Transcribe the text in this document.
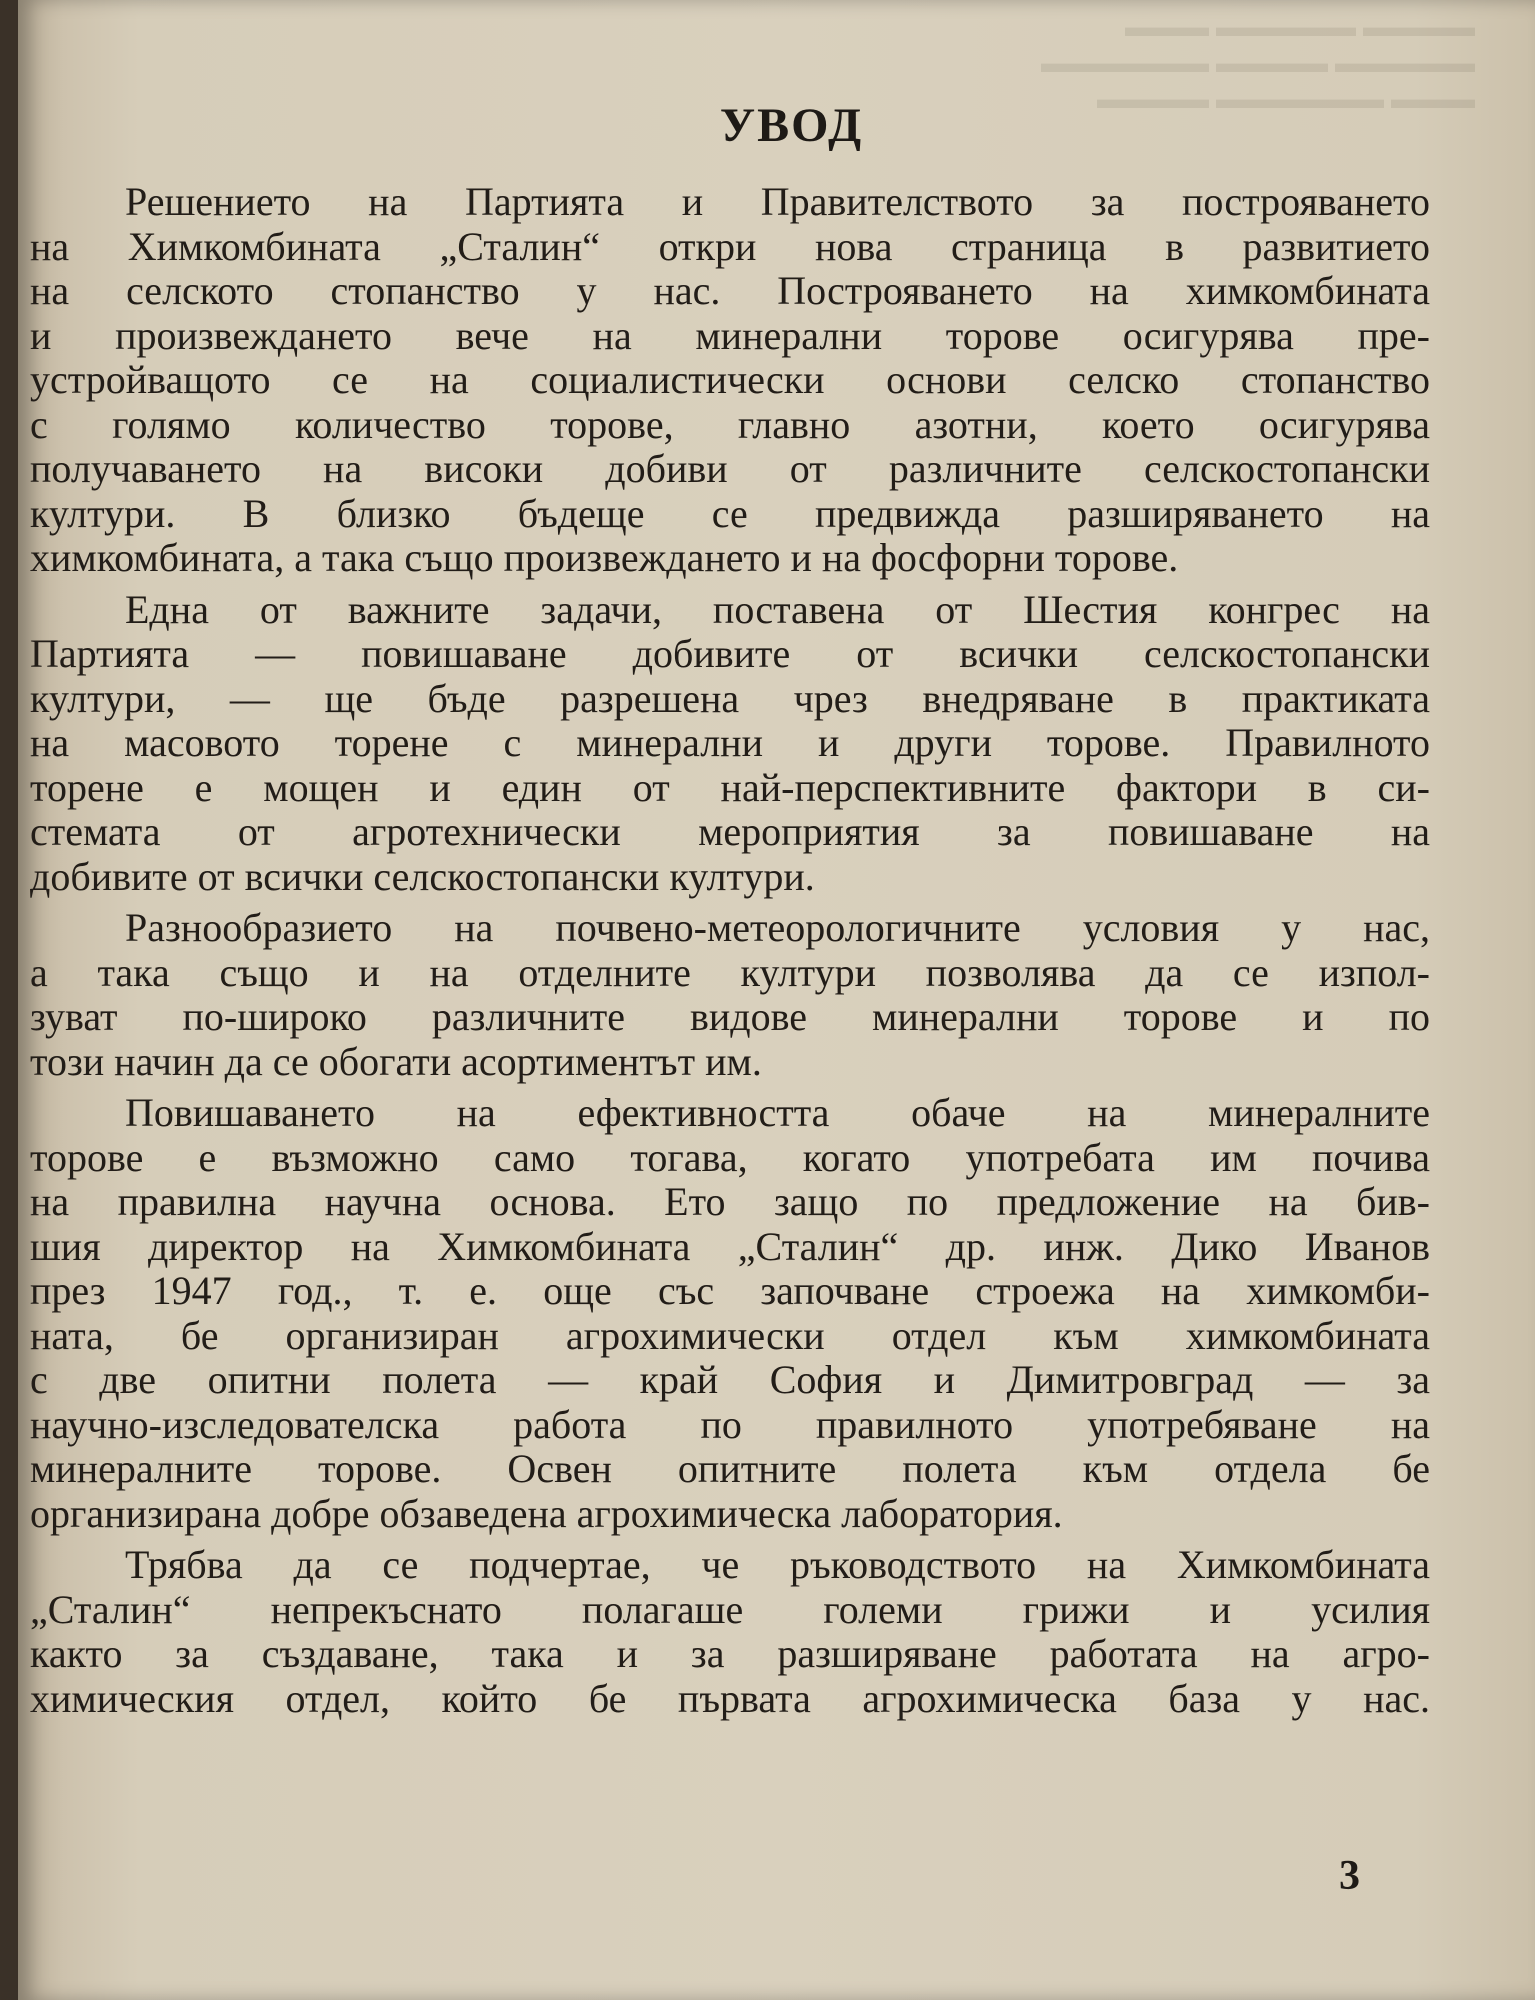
▬▬▬▬ ▬▬▬▬▬ ▬▬▬
▬▬▬▬▬ ▬▬▬▬ ▬▬▬▬▬▬
▬▬▬ ▬▬▬▬▬▬ ▬▬▬▬
УВОД
Решението на Партията и Правителството за построяването
на Химкомбината „Сталин“ откри нова страница в развитието
на селското стопанство у нас. Построяването на химкомбината
и произвеждането вече на минерални торове осигурява пре-
устройващото се на социалистически основи селско стопанство
с голямо количество торове, главно азотни, което осигурява
получаването на високи добиви от различните селскостопански
култури. В близко бъдеще се предвижда разширяването на
химкомбината, а така също произвеждането и на фосфорни торове.
Една от важните задачи, поставена от Шестия конгрес на
Партията — повишаване добивите от всички селскостопански
култури, — ще бъде разрешена чрез внедряване в практиката
на масовото торене с минерални и други торове. Правилното
торене е мощен и един от най-перспективните фактори в си-
стемата от агротехнически мероприятия за повишаване на
добивите от всички селскостопански култури.
Разнообразието на почвено-метеорологичните условия у нас,
а така също и на отделните култури позволява да се изпол-
зуват по-широко различните видове минерални торове и по
този начин да се обогати асортиментът им.
Повишаването на ефективността обаче на минералните
торове е възможно само тогава, когато употребата им почива
на правилна научна основа. Ето защо по предложение на бив-
шия директор на Химкомбината „Сталин“ др. инж. Дико Иванов
през 1947 год., т. е. още със започване строежа на химкомби-
ната, бе организиран агрохимически отдел към химкомбината
с две опитни полета — край София и Димитровград — за
научно-изследователска работа по правилното употребяване на
минералните торове. Освен опитните полета към отдела бе
организирана добре обзаведена агрохимическа лаборатория.
Трябва да се подчертае, че ръководството на Химкомбината
„Сталин“ непрекъснато полагаше големи грижи и усилия
както за създаване, така и за разширяване работата на агро-
химическия отдел, който бе първата агрохимическа база у нас.
3
